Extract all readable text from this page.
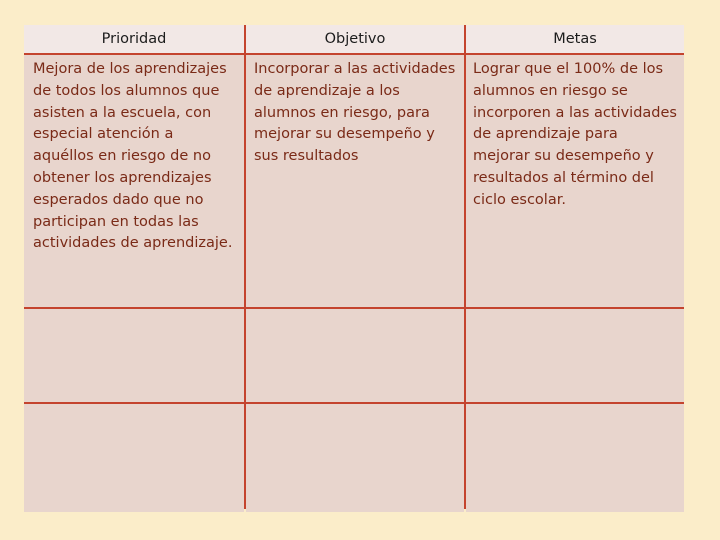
Prioridad	Objetivo	Metas
Mejora de los aprendizajes de todos los alumnos que asisten a la escuela, con especial atención a aquéllos en riesgo de no obtener los aprendizajes esperados dado que no participan en todas las actividades de aprendizaje.
Incorporar a las actividades de aprendizaje a los alumnos en riesgo, para mejorar su desempeño y sus resultados
Lograr que el 100% de los alumnos en riesgo se incorporen a las actividades de aprendizaje para mejorar su desempeño y resultados al término del ciclo escolar.
